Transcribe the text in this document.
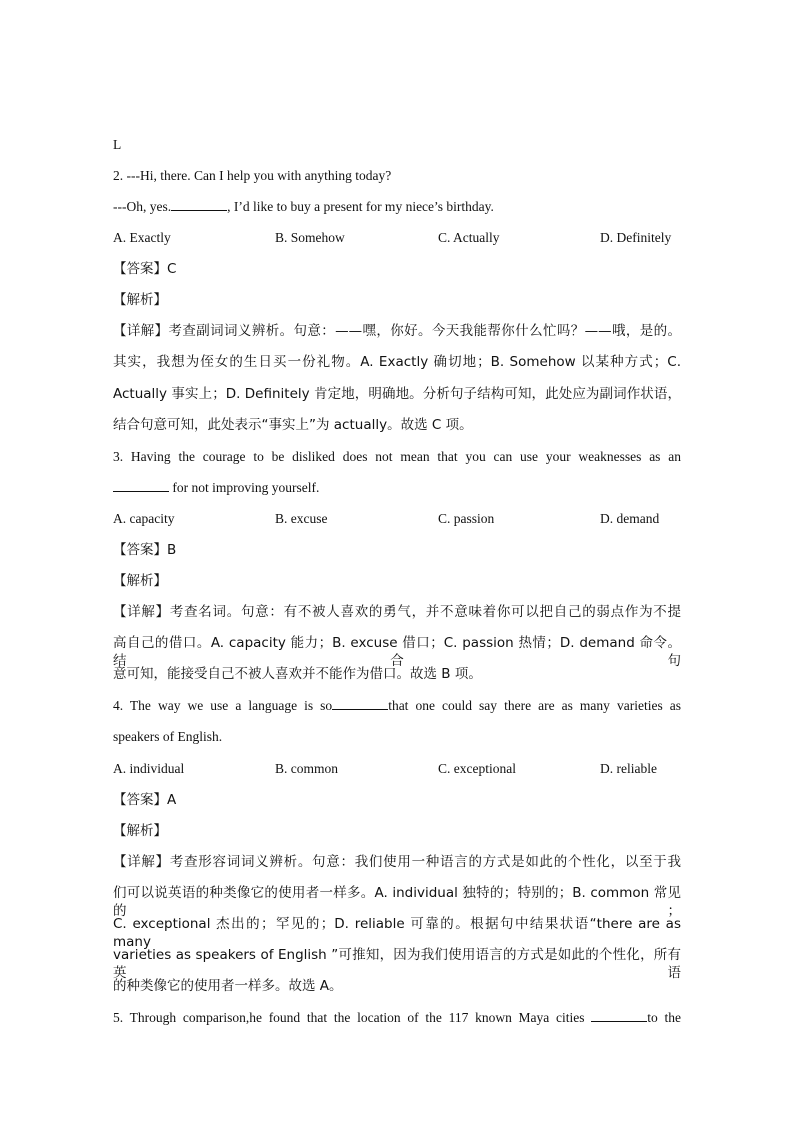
L
2. ---Hi, there. Can I help you with anything today?
---Oh, yes.	, I’d like to buy a present for my niece’s birthday.
A. Exactly	B. Somehow	C. Actually	D. Definitely
【答案】C
【解析】
【详解】考查副词词义辨析。句意：——嘿，你好。今天我能帮你什么忙吗？——哦，是的。
其实，我想为侄女的生日买一份礼物。A. Exactly 确切地；B. Somehow 以某种方式；C.
Actually 事实上；D. Definitely 肯定地，明确地。分析句子结构可知，此处应为副词作状语，
结合句意可知，此处表示“事实上”为 actually。故选 C 项。
3. Having the courage to be disliked does not mean that you can use your weaknesses as an
for not improving yourself.
A. capacity	B. excuse	C. passion	D. demand
【答案】B
【解析】
【详解】考查名词。句意：有不被人喜欢的勇气，并不意味着你可以把自己的弱点作为不提
高自己的借口。A. capacity 能力；B. excuse 借口；C. passion 热情；D. demand 命令。结合句
意可知，能接受自己不被人喜欢并不能作为借口。故选 B 项。
4. The way we use a language is so	that one could say there are as many varieties as
speakers of English.
A. individual	B. common	C. exceptional	D. reliable
【答案】A
【解析】
【详解】考查形容词词义辨析。句意：我们使用一种语言的方式是如此的个性化，以至于我
们可以说英语的种类像它的使用者一样多。A. individual 独特的；特别的；B. common 常见的；
C. exceptional 杰出的；罕见的；D. reliable 可靠的。根据句中结果状语“there are as many
varieties as speakers of English ”可推知，因为我们使用语言的方式是如此的个性化，所有英语
的种类像它的使用者一样多。故选 A。
5. Through comparison,he found that the location of the 117 known Maya cities	to the
